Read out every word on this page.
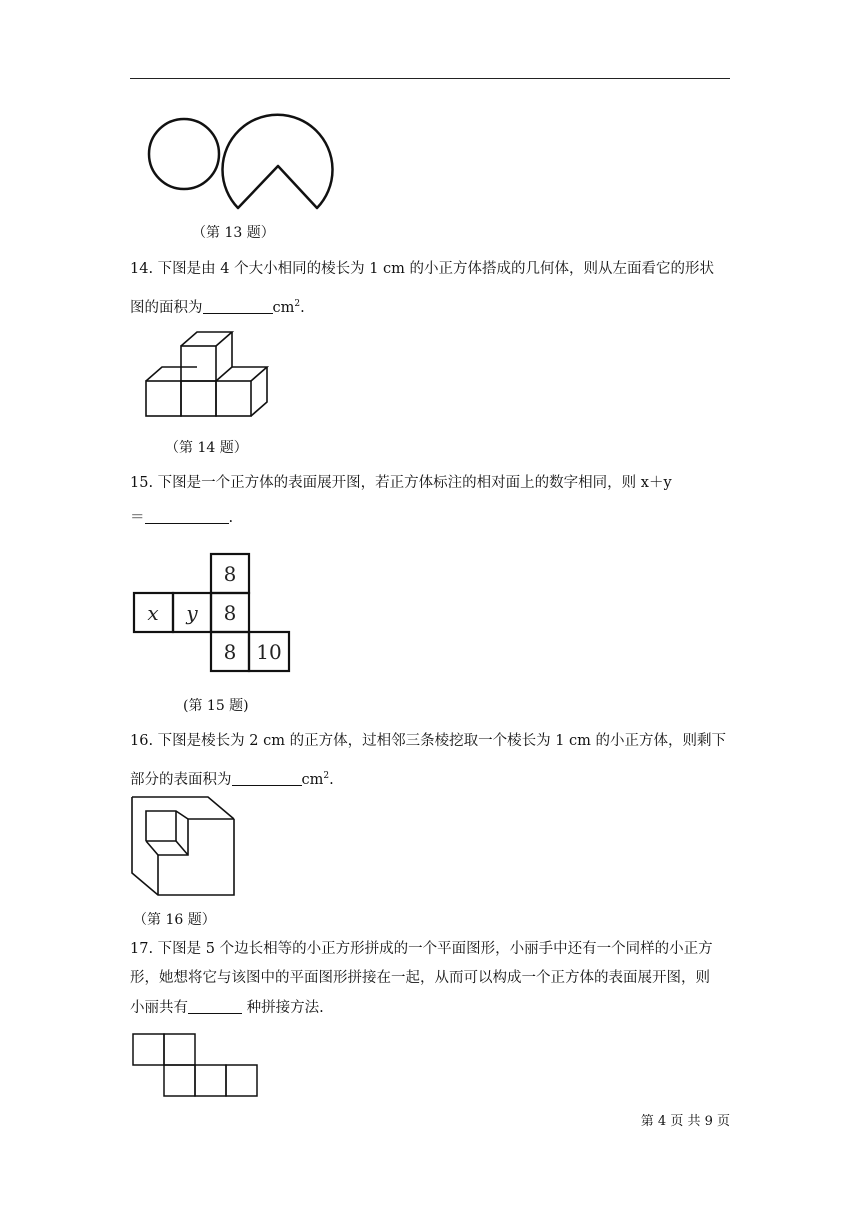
（第 13 题）
14. 下图是由 4 个大小相同的棱长为 1 cm 的小正方体搭成的几何体，则从左面看它的形状
图的面积为	$cm^2$.
（第 14 题）
15. 下图是一个正方体的表面展开图，若正方体标注的相对面上的数字相同，则 x＋y
＝	.
8
x y 8
8 10
(第 15 题)
16. 下图是棱长为 2 cm 的正方体，过相邻三条棱挖取一个棱长为 1 cm 的小正方体，则剩下
部分的表面积为	$cm^2$.
（第 16 题）
17. 下图是 5 个边长相等的小正方形拼成的一个平面图形，小丽手中还有一个同样的小正方
形，她想将它与该图中的平面图形拼接在一起，从而可以构成一个正方体的表面展开图，则
小丽共有	种拼接方法.
第 4 页 共 9 页
